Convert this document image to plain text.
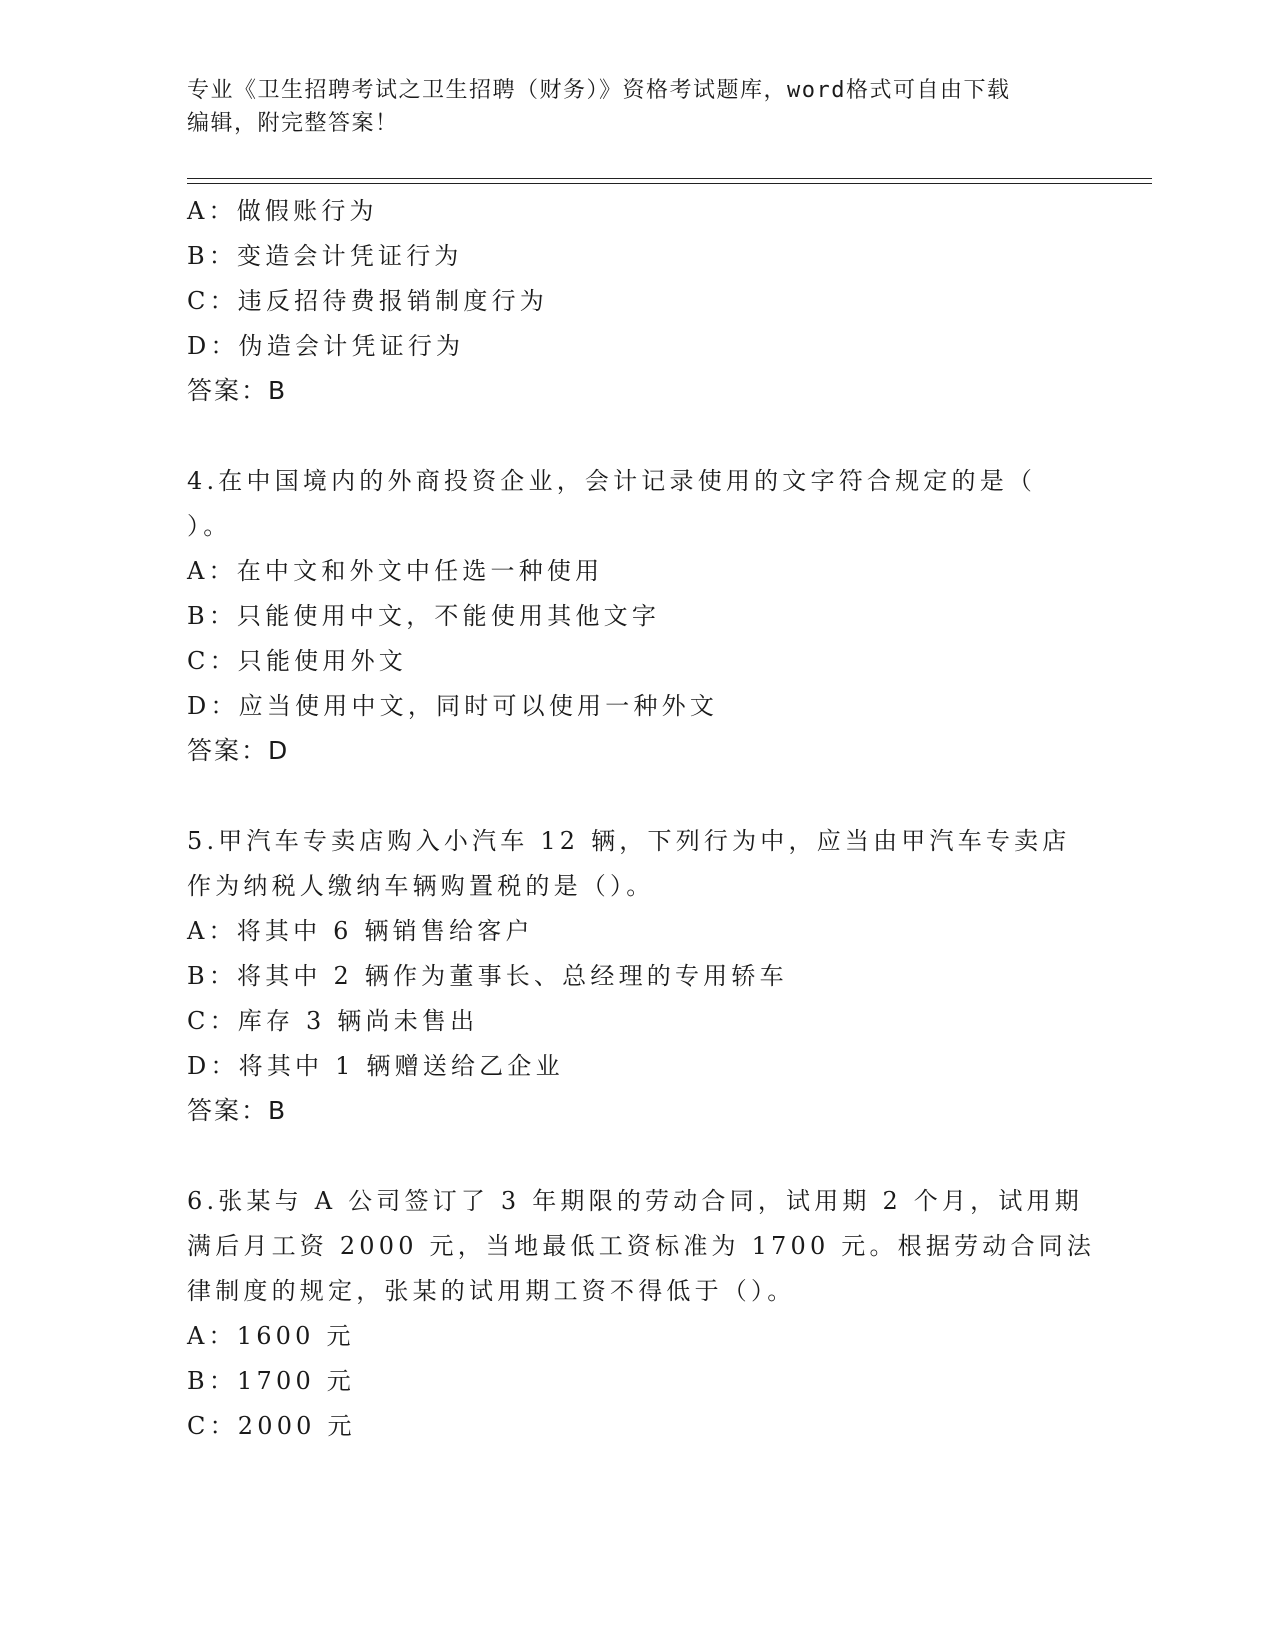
专业《卫生招聘考试之卫生招聘（财务）》资格考试题库，word格式可自由下载
编辑，附完整答案！
A：做假账行为
B：变造会计凭证行为
C：违反招待费报销制度行为
D：伪造会计凭证行为
答案：B
4.在中国境内的外商投资企业，会计记录使用的文字符合规定的是（
）。
A：在中文和外文中任选一种使用
B：只能使用中文，不能使用其他文字
C：只能使用外文
D：应当使用中文，同时可以使用一种外文
答案：D
5.甲汽车专卖店购入小汽车 12 辆，下列行为中，应当由甲汽车专卖店
作为纳税人缴纳车辆购置税的是（）。
A：将其中 6 辆销售给客户
B：将其中 2 辆作为董事长、总经理的专用轿车
C：库存 3 辆尚未售出
D：将其中 1 辆赠送给乙企业
答案：B
6.张某与 A 公司签订了 3 年期限的劳动合同，试用期 2 个月，试用期
满后月工资 2000 元，当地最低工资标准为 1700 元。根据劳动合同法
律制度的规定，张某的试用期工资不得低于（）。
A：1600 元
B：1700 元
C：2000 元
